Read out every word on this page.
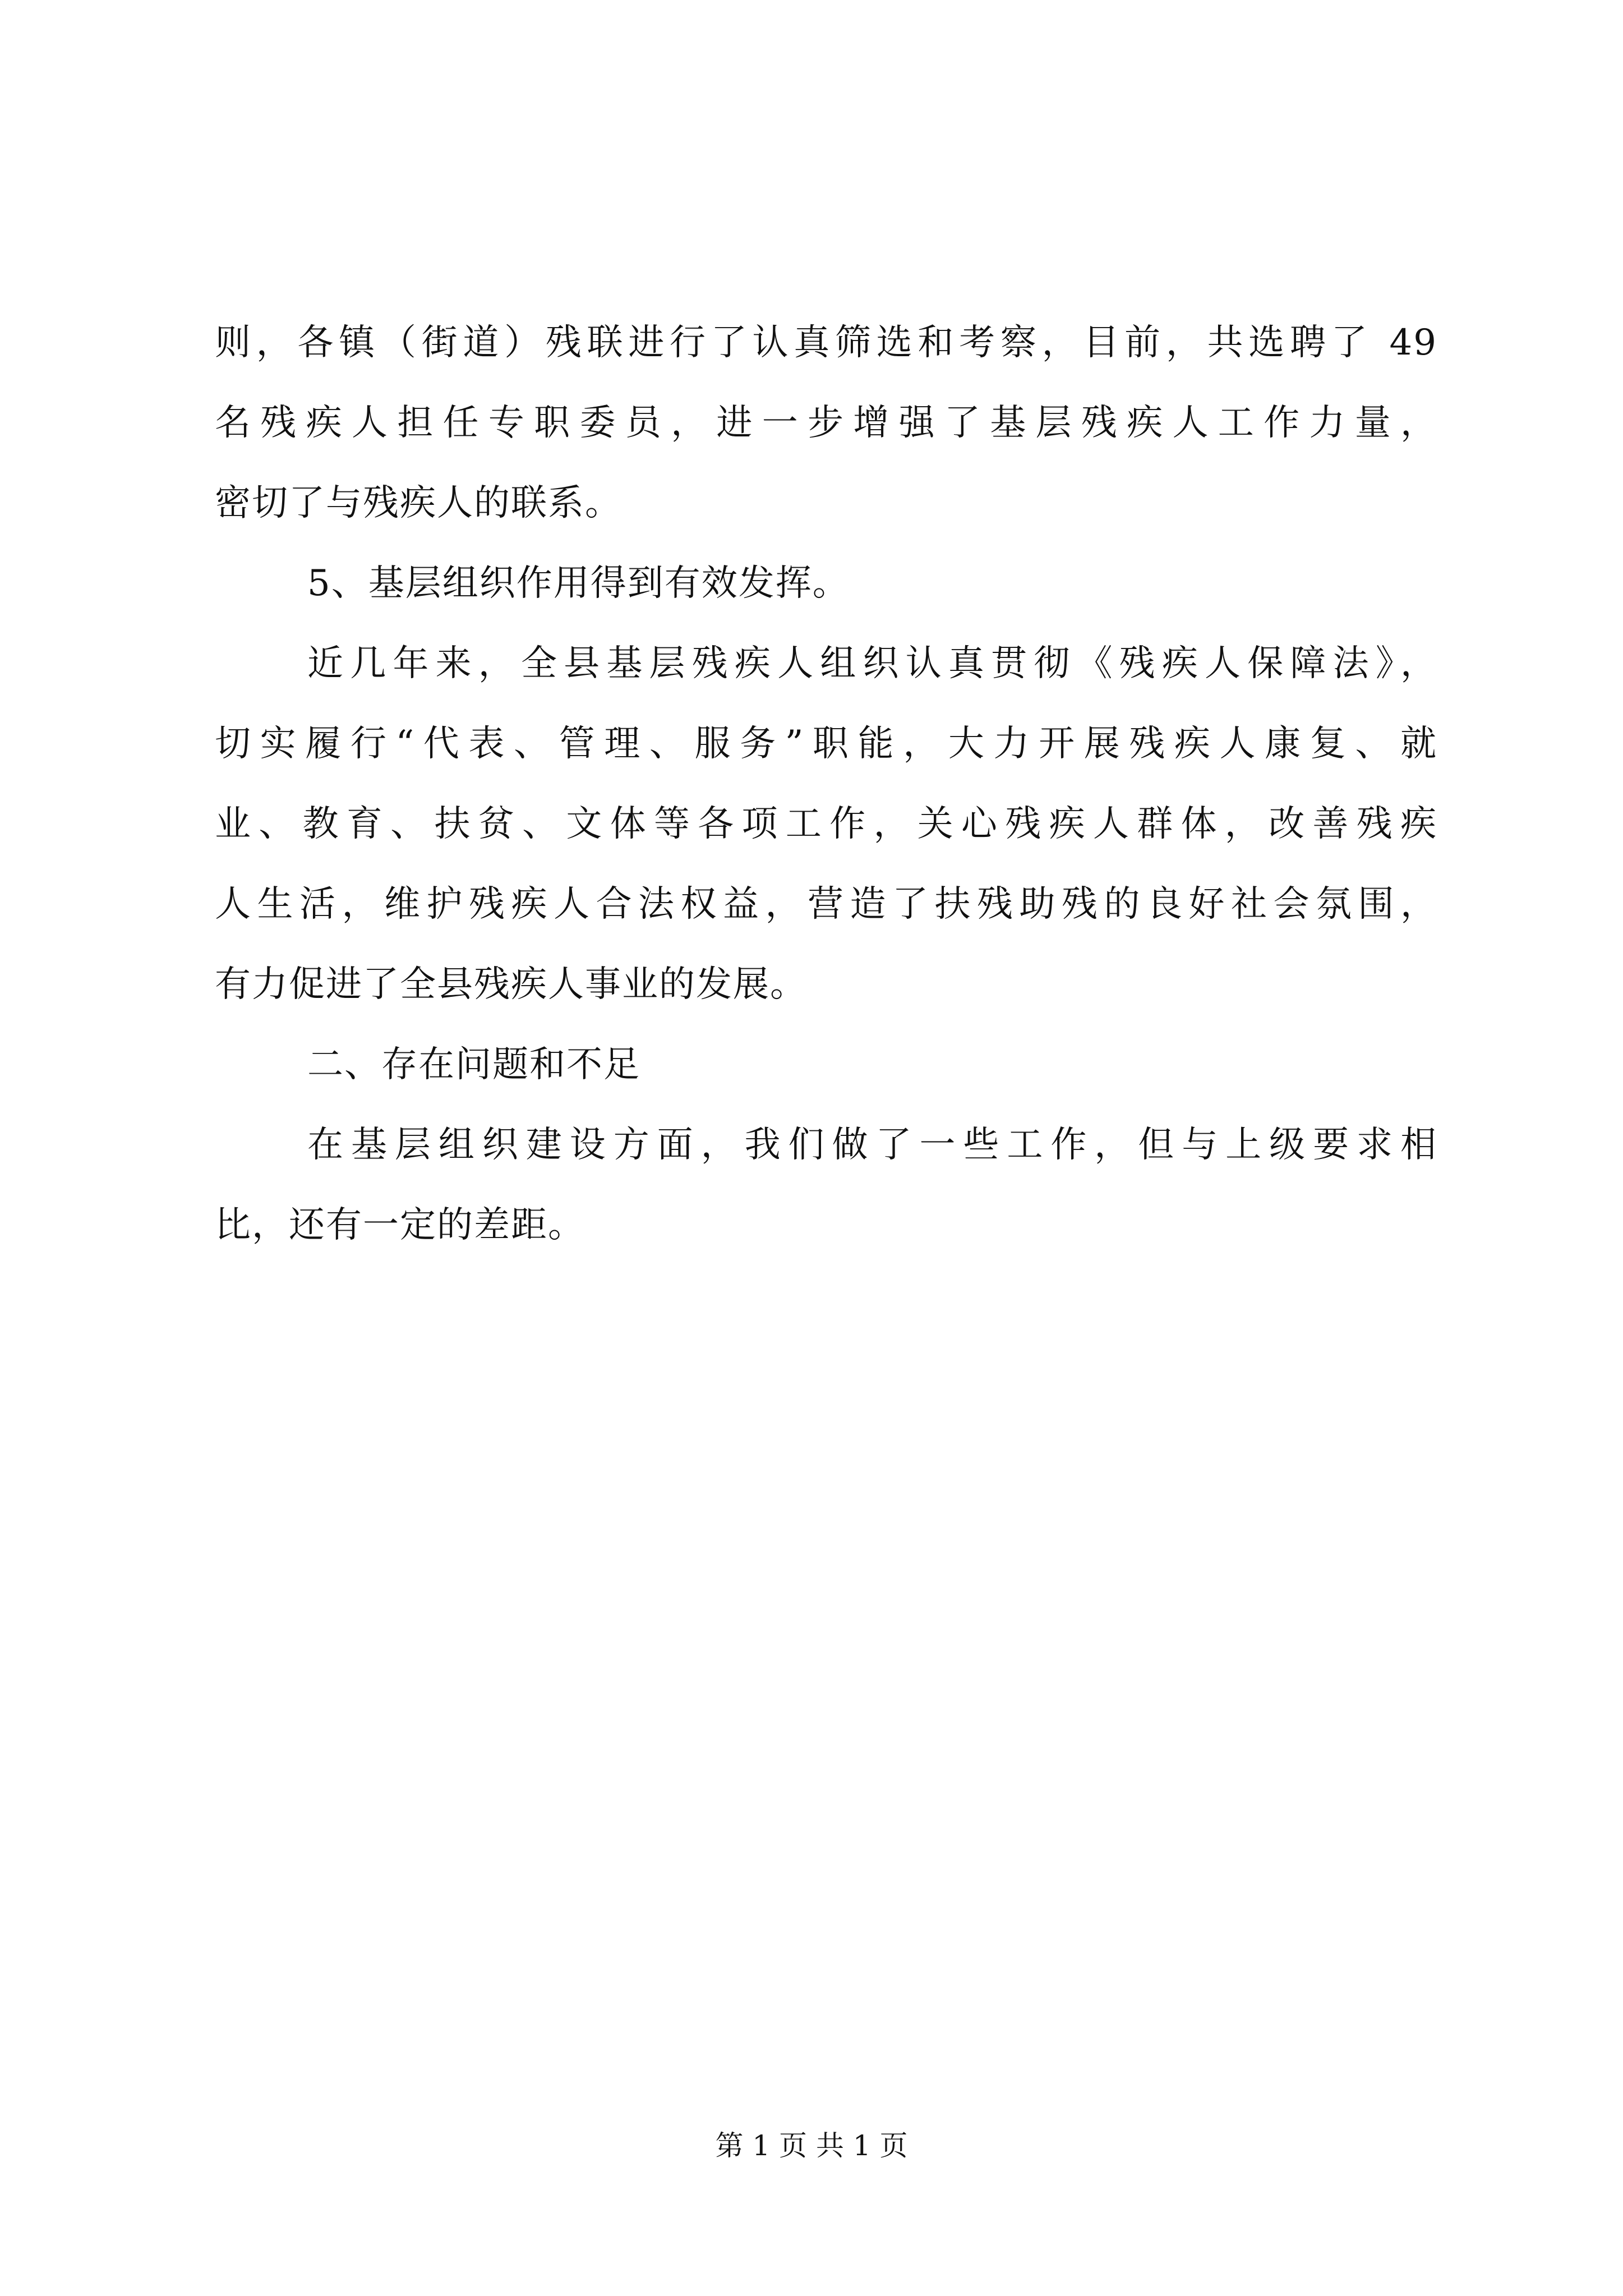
则，各镇（街道）残联进行了认真筛选和考察，目前，共选聘了 49
名残疾人担任专职委员，进一步增强了基层残疾人工作力量，
密切了与残疾人的联系。

5、基层组织作用得到有效发挥。

近几年来，全县基层残疾人组织认真贯彻《残疾人保障法》，
切实履行“代表、管理、服务”职能，大力开展残疾人康复、就
业、教育、扶贫、文体等各项工作，关心残疾人群体，改善残疾
人生活，维护残疾人合法权益，营造了扶残助残的良好社会氛围，
有力促进了全县残疾人事业的发展。

二、存在问题和不足

在基层组织建设方面，我们做了一些工作，但与上级要求相
比，还有一定的差距。

第 1 页 共 1 页
